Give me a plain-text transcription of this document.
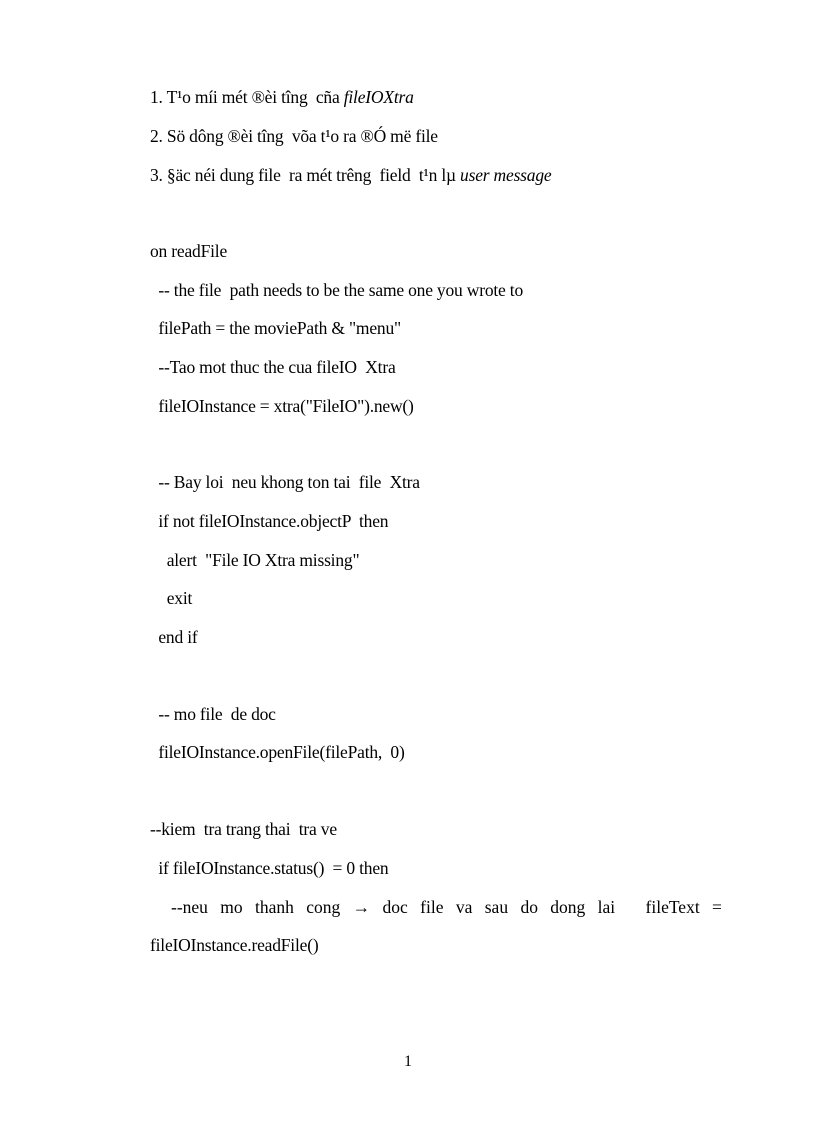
1. T¹o míi mét ®èi tîng  cña fileIOXtra
2. Sö dông ®èi tîng  võa t¹o ra ®Ó më file
3. §äc néi dung file  ra mét trêng  field  t¹n lµ user message
on readFile
-- the file  path needs to be the same one you wrote to
filePath = the moviePath & "menu"
--Tao mot thuc the cua fileIO  Xtra
fileIOInstance = xtra("FileIO").new()
-- Bay loi  neu khong ton tai  file  Xtra
if not fileIOInstance.objectP  then
alert  "File IO Xtra missing"
exit
end if
-- mo file  de doc
fileIOInstance.openFile(filePath,  0)
--kiem  tra trang thai  tra ve
if fileIOInstance.status()  = 0 then
--neu mo thanh cong → doc file va sau do dong lai fileText =
fileIOInstance.readFile()
1
